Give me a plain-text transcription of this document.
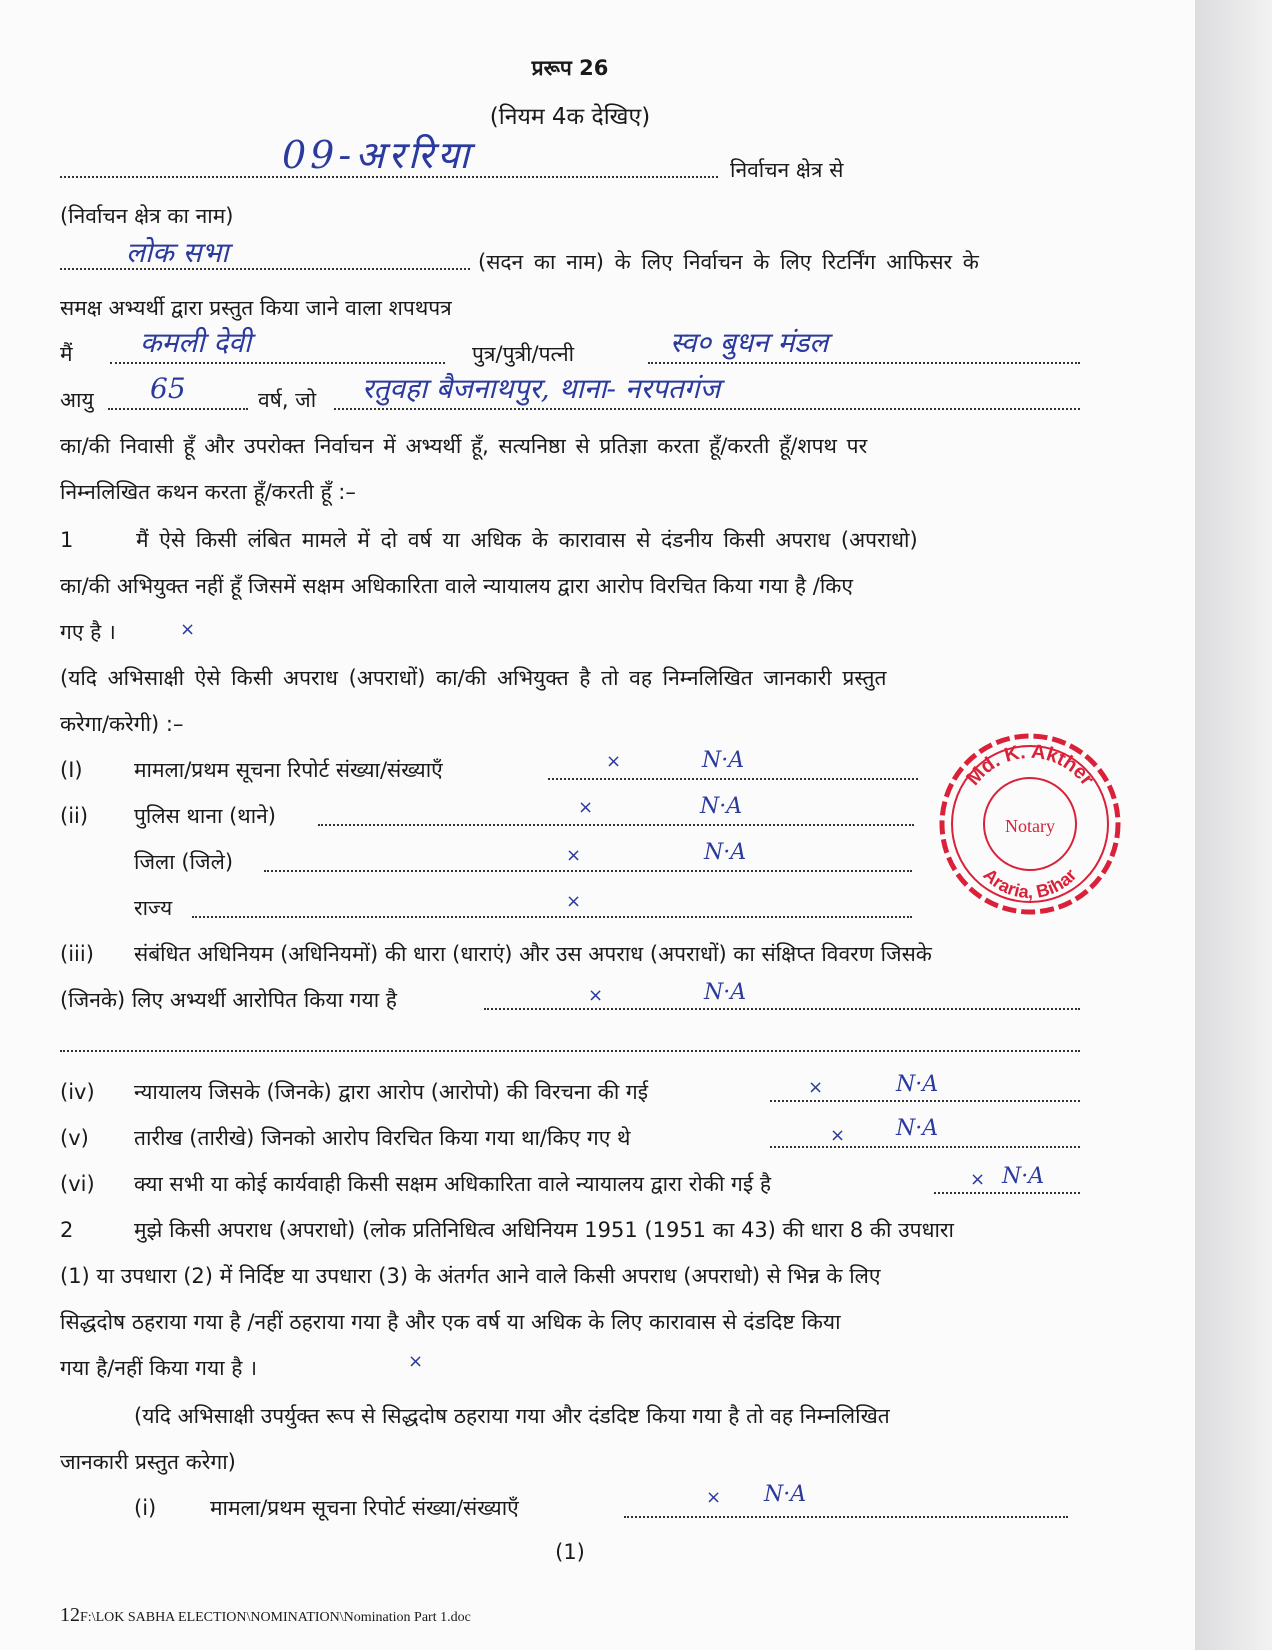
प्ररूप 26
(नियम 4क देखिए)
09-अररिया	निर्वाचन क्षेत्र से
(निर्वाचन क्षेत्र का नाम)
लोक सभा	(सदन का नाम) के लिए निर्वाचन के लिए रिटर्निंग आफिसर के
समक्ष अभ्यर्थी द्वारा प्रस्तुत किया जाने वाला शपथपत्र
मैं कमली देवी	पुत्र/पुत्री/पत्नी	स्व० बुधन मंडल
आयु 65	वर्ष, जो रतुवहा बैजनाथपुर, थाना- नरपतगंज
का/की निवासी हूँ और उपरोक्त निर्वाचन में अभ्यर्थी हूँ, सत्यनिष्ठा से प्रतिज्ञा करता हूँ/करती हूँ/शपथ पर
निम्नलिखित कथन करता हूँ/करती हूँ :–
1	मैं ऐसे किसी लंबित मामले में दो वर्ष या अधिक के कारावास से दंडनीय किसी अपराध (अपराधो)
का/की अभियुक्त नहीं हूँ जिसमें सक्षम अधिकारिता वाले न्यायालय द्वारा आरोप विरचित किया गया है /किए
गए है ।	×
(यदि अभिसाक्षी ऐसे किसी अपराध (अपराधों) का/की अभियुक्त है तो वह निम्नलिखित जानकारी प्रस्तुत
करेगा/करेगी) :–
(I) मामला/प्रथम सूचना रिपोर्ट संख्या/संख्याएँ	×	N·A
(ii) पुलिस थाना (थाने)	×	N·A
जिला (जिले)	×	N·A
राज्य	×
(iii) संबंधित अधिनियम (अधिनियमों) की धारा (धाराएं) और उस अपराध (अपराधों) का संक्षिप्त विवरण जिसके
(जिनके) लिए अभ्यर्थी आरोपित किया गया है	×	N·A
(iv) न्यायालय जिसके (जिनके) द्वारा आरोप (आरोपो) की विरचना की गई	×	N·A
(v) तारीख (तारीखे) जिनको आरोप विरचित किया गया था/किए गए थे	× N·A
(vi) क्या सभी या कोई कार्यवाही किसी सक्षम अधिकारिता वाले न्यायालय द्वारा रोकी गई है	× N·A
2	मुझे किसी अपराध (अपराधो) (लोक प्रतिनिधित्व अधिनियम 1951 (1951 का 43) की धारा 8 की उपधारा
(1) या उपधारा (2) में निर्दिष्ट या उपधारा (3) के अंतर्गत आने वाले किसी अपराध (अपराधो) से भिन्न के लिए
सिद्धदोष ठहराया गया है /नहीं ठहराया गया है और एक वर्ष या अधिक के लिए कारावास से दंडदिष्ट किया
गया है/नहीं किया गया है ।	×
(यदि अभिसाक्षी उपर्युक्त रूप से सिद्धदोष ठहराया गया और दंडदिष्ट किया गया है तो वह निम्नलिखित
जानकारी प्रस्तुत करेगा)
(i)	मामला/प्रथम सूचना रिपोर्ट संख्या/संख्याएँ	× N·A
(1)
12F:\LOK SABHA ELECTION\NOMINATION\Nomination Part 1.doc
Md. K. Akther
Notary
Araria, Bihar
